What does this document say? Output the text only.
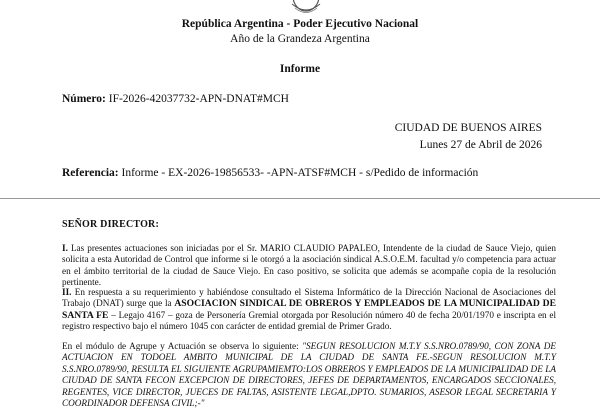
República Argentina - Poder Ejecutivo Nacional
Año de la Grandeza Argentina
Informe
Número: IF-2026-42037732-APN-DNAT#MCH
CIUDAD DE BUENOS AIRES
Lunes 27 de Abril de 2026
Referencia: Informe - EX-2026-19856533- -APN-ATSF#MCH - s/Pedido de información
SEÑOR DIRECTOR:
I. Las presentes actuaciones son iniciadas por el Sr. MARIO CLAUDIO PAPALEO, Intendente de la ciudad de Sauce Viejo, quien solicita a esta Autoridad de Control que informe si le otorgó a la asociación sindical A.S.O.E.M. facultad y/o competencia para actuar en el ámbito territorial de la ciudad de Sauce Viejo. En caso positivo, se solicita que además se acompañe copia de la resolución pertinente.
II. En respuesta a su requerimiento y habiéndose consultado el Sistema Informático de la Dirección Nacional de Asociaciones del Trabajo (DNAT) surge que la ASOCIACION SINDICAL DE OBREROS Y EMPLEADOS DE LA MUNICIPALIDAD DE SANTA FE – Legajo 4167 – goza de Personería Gremial otorgada por Resolución número 40 de fecha 20/01/1970 e inscripta en el registro respectivo bajo el número 1045 con carácter de entidad gremial de Primer Grado.
En el módulo de Agrupe y Actuación se observa lo siguiente: "SEGUN RESOLUCION M.T.Y S.S.NRO.0789/90, CON ZONA DE ACTUACION EN TODOEL AMBITO MUNICIPAL DE LA CIUDAD DE SANTA FE.-SEGUN RESOLUCION M.T.Y S.S.NRO.0789/90, RESULTA EL SIGUIENTE AGRUPAMIEMTO:LOS OBREROS Y EMPLEADOS DE LA MUNICIPALIDAD DE LA CIUDAD DE SANTA FECON EXCEPCION DE DIRECTORES, JEFES DE DEPARTAMENTOS, ENCARGADOS SECCIONALES, REGENTES, VICE DIRECTOR, JUECES DE FALTAS, ASISTENTE LEGAL,DPTO. SUMARIOS, ASESOR LEGAL SECRETARIA Y COORDINADOR DEFENSA CIVIL;-"
